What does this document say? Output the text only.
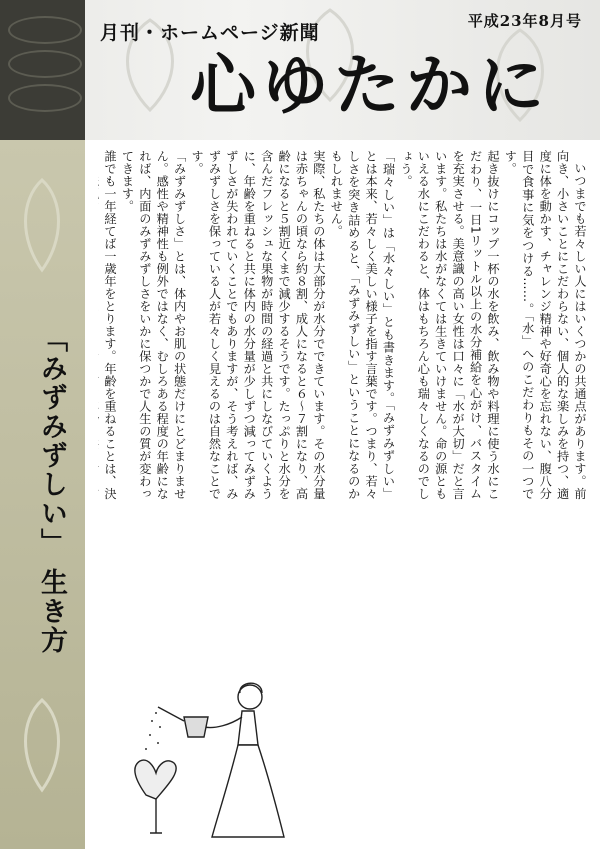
月刊・ホームページ新聞
平成23年8月号
心ゆたかに
「みずみずしい」 生き方	いつまでも若々しい人にはいくつかの共通点があります。前向き、小さいことにこだわらない、個人的な楽しみを持つ、適度に体を動かす、チャレンジ精神や好奇心を忘れない、腹八分目で食事に気をつける……。「水」へのこだわりもその一つです。
起き抜けにコップ一杯の水を飲み、飲み物や料理に使う水にこだわり、一日1リットル以上の水分補給を心がけ、バスタイムを充実させる。美意識の高い女性は口々に「水が大切」だと言います。私たちは水がなくては生きていけません。命の源ともいえる水にこだわると、体はもちろん心も瑞々しくなるのでしょう。
「瑞々しい」は「水々しい」とも書きます。「みずみずしい」とは本来、若々しく美しい様子を指す言葉です。つまり、若々しさを突き詰めると、「みずみずしい」ということになるのかもしれません。
実際、私たちの体は大部分が水分でできています。その水分量は赤ちゃんの頃なら約８割、成人になると６～７割になり、高齢になると５割近くまで減少するそうです。たっぷりと水分を含んだフレッシュな果物が時間の経過と共にしなびていくように、年齢を重ねると共に体内の水分量が少しずつ減ってみずみずしさが失われていくことでもありますが、そう考えれば、みずみずしさを保っている人が若々しく見えるのは自然なことです。
「みずみずしさ」とは、体内やお肌の状態だけにとどまりません。感性や精神性も例外ではなく、むしろある程度の年齢になれば、内面のみずみずしさをいかに保つかで人生の質が変わってきます。
誰でも一年経てば一歳年をとります。年齢を重ねることは、決
